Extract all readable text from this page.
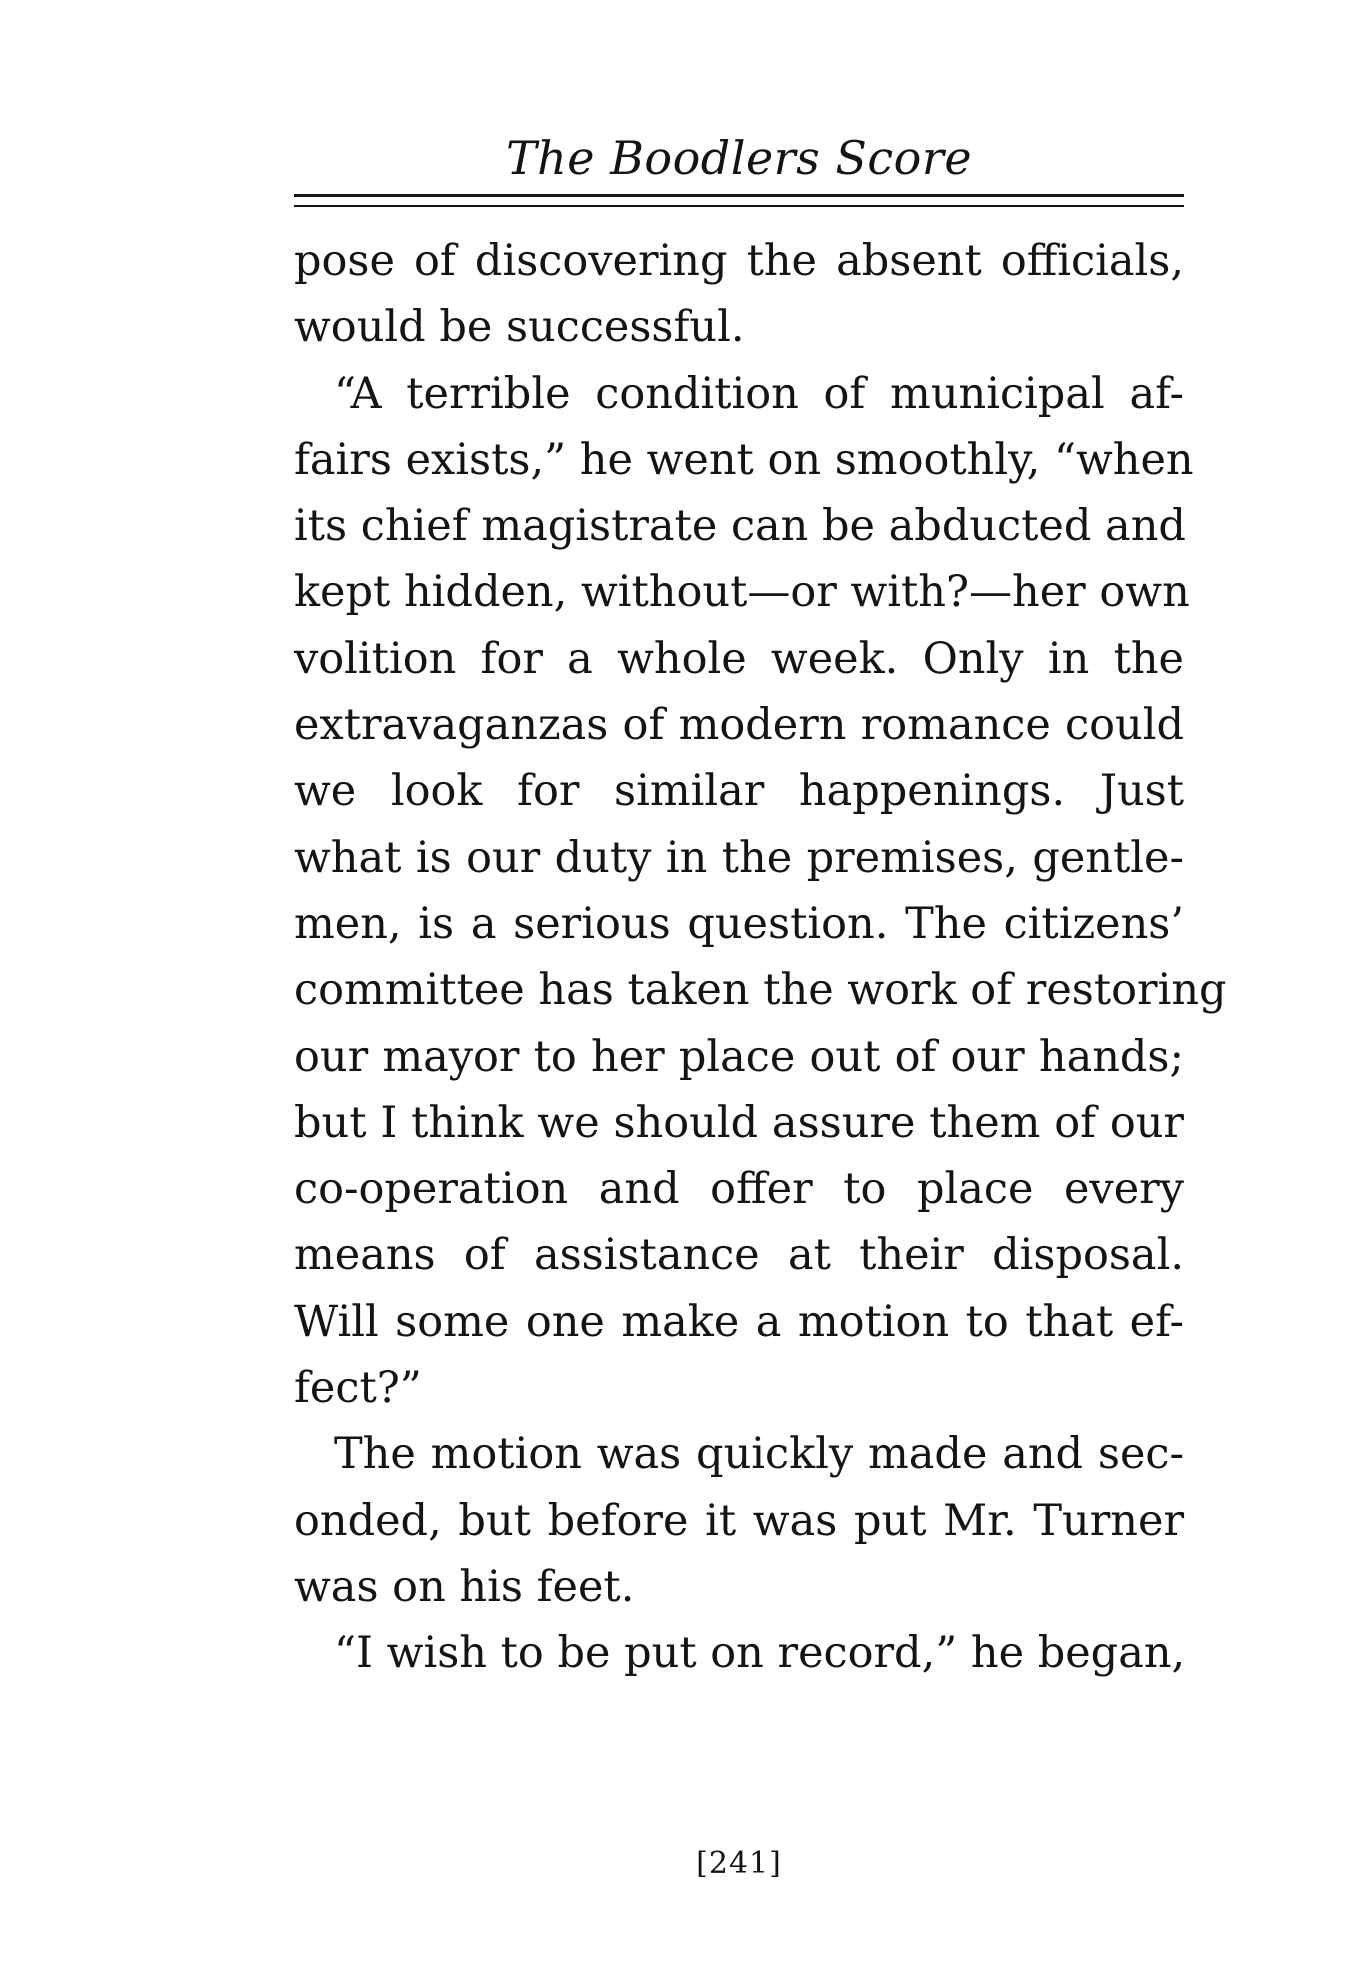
The Boodlers Score
pose of discovering the absent officials,
would be successful.
“A terrible condition of municipal af-
fairs exists,” he went on smoothly, “when
its chief magistrate can be abducted and
kept hidden, without—or with?—her own
volition for a whole week. Only in the
extravaganzas of modern romance could
we look for similar happenings. Just
what is our duty in the premises, gentle-
men, is a serious question. The citizens’
committee has taken the work of restoring
our mayor to her place out of our hands;
but I think we should assure them of our
co-operation and offer to place every
means of assistance at their disposal.
Will some one make a motion to that ef-
fect?”
The motion was quickly made and sec-
onded, but before it was put Mr. Turner
was on his feet.
“I wish to be put on record,” he began,
[241]
